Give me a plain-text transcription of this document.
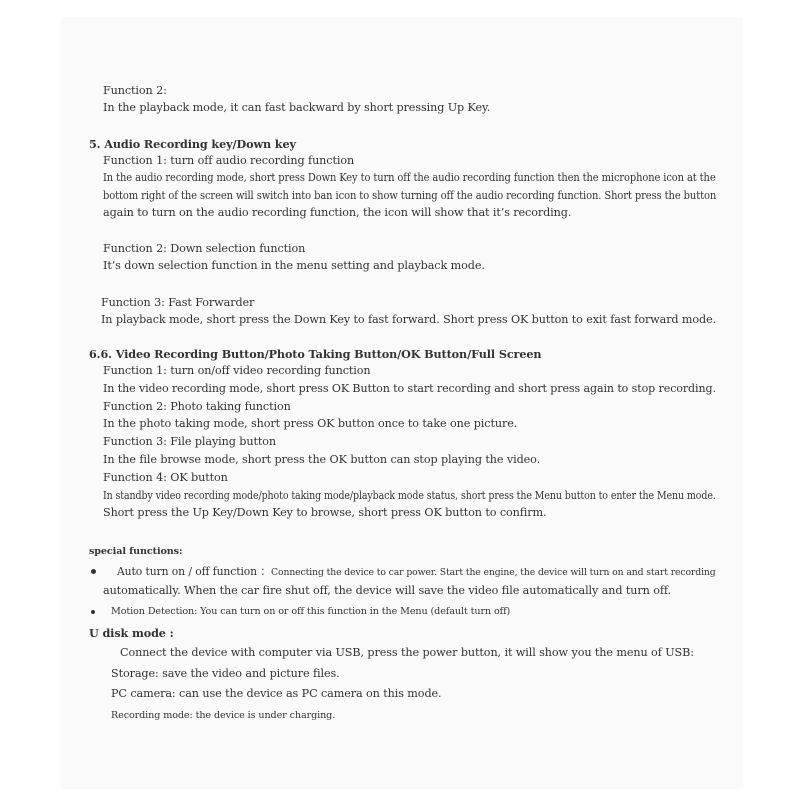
Function 2:
In the playback mode, it can fast backward by short pressing Up Key.
5. Audio Recording key/Down key
Function 1: turn off audio recording function
In the audio recording mode, short press Down Key to turn off the audio recording function then the microphone icon at the
bottom right of the screen will switch into ban icon to show turning off the audio recording function. Short press the button
again to turn on the audio recording function, the icon will show that it’s recording.
Function 2: Down selection function
It’s down selection function in the menu setting and playback mode.
Function 3: Fast Forwarder
In playback mode, short press the Down Key to fast forward. Short press OK button to exit fast forward mode.
6.6. Video Recording Button/Photo Taking Button/OK Button/Full Screen
Function 1: turn on/off video recording function
In the video recording mode, short press OK Button to start recording and short press again to stop recording.
Function 2: Photo taking function
In the photo taking mode, short press OK button once to take one picture.
Function 3: File playing button
In the file browse mode, short press the OK button can stop playing the video.
Function 4: OK button
In standby video recording mode/photo taking mode/playback mode status, short press the Menu button to enter the Menu mode.
Short press the Up Key/Down Key to browse, short press OK button to confirm.
special functions:
Auto turn on / off function ：Connecting the device to car power. Start the engine, the device will turn on and start recording
automatically. When the car fire shut off, the device will save the video file automatically and turn off.
Motion Detection: You can turn on or off this function in the Menu (default turn off)
U disk mode :
Connect the device with computer via USB, press the power button, it will show you the menu of USB:
Storage: save the video and picture files.
PC camera: can use the device as PC camera on this mode.
Recording mode: the device is under charging.
